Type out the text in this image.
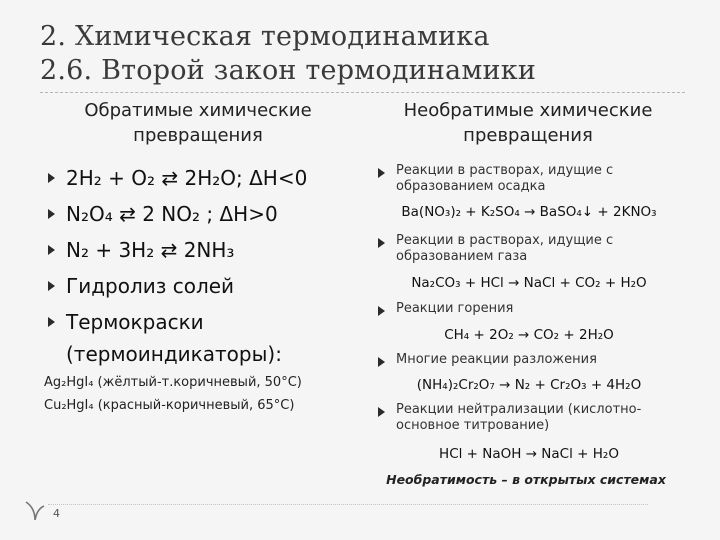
2. Химическая термодинамика
2.6. Второй закон термодинамики
Обратимые химические превращения
Необратимые химические превращения
2H₂ + O₂ ⇄ 2H₂O; ΔH<0
N₂O₄ ⇄ 2 NO₂ ; ΔH>0
N₂ + 3H₂ ⇄ 2NH₃
Гидролиз солей
Термокраски
(термоиндикаторы):
Ag₂HgI₄ (жёлтый-т.коричневый, 50°C)
Cu₂HgI₄ (красный-коричневый, 65°C)
Реакции в растворах, идущие с образованием осадка
Ba(NO₃)₂ + K₂SO₄ → BaSO₄↓ + 2KNO₃
Реакции в растворах, идущие с образованием газа
Na₂CO₃ + HCl → NaCl + CO₂ + H₂O
Реакции горения
CH₄ + 2O₂ → CO₂ + 2H₂O
Многие реакции разложения
(NH₄)₂Cr₂O₇ → N₂ + Cr₂O₃ + 4H₂O
Реакции нейтрализации (кислотно-основное титрование)
HCl + NaOH → NaCl + H₂O
Необратимость – в открытых системах
4
